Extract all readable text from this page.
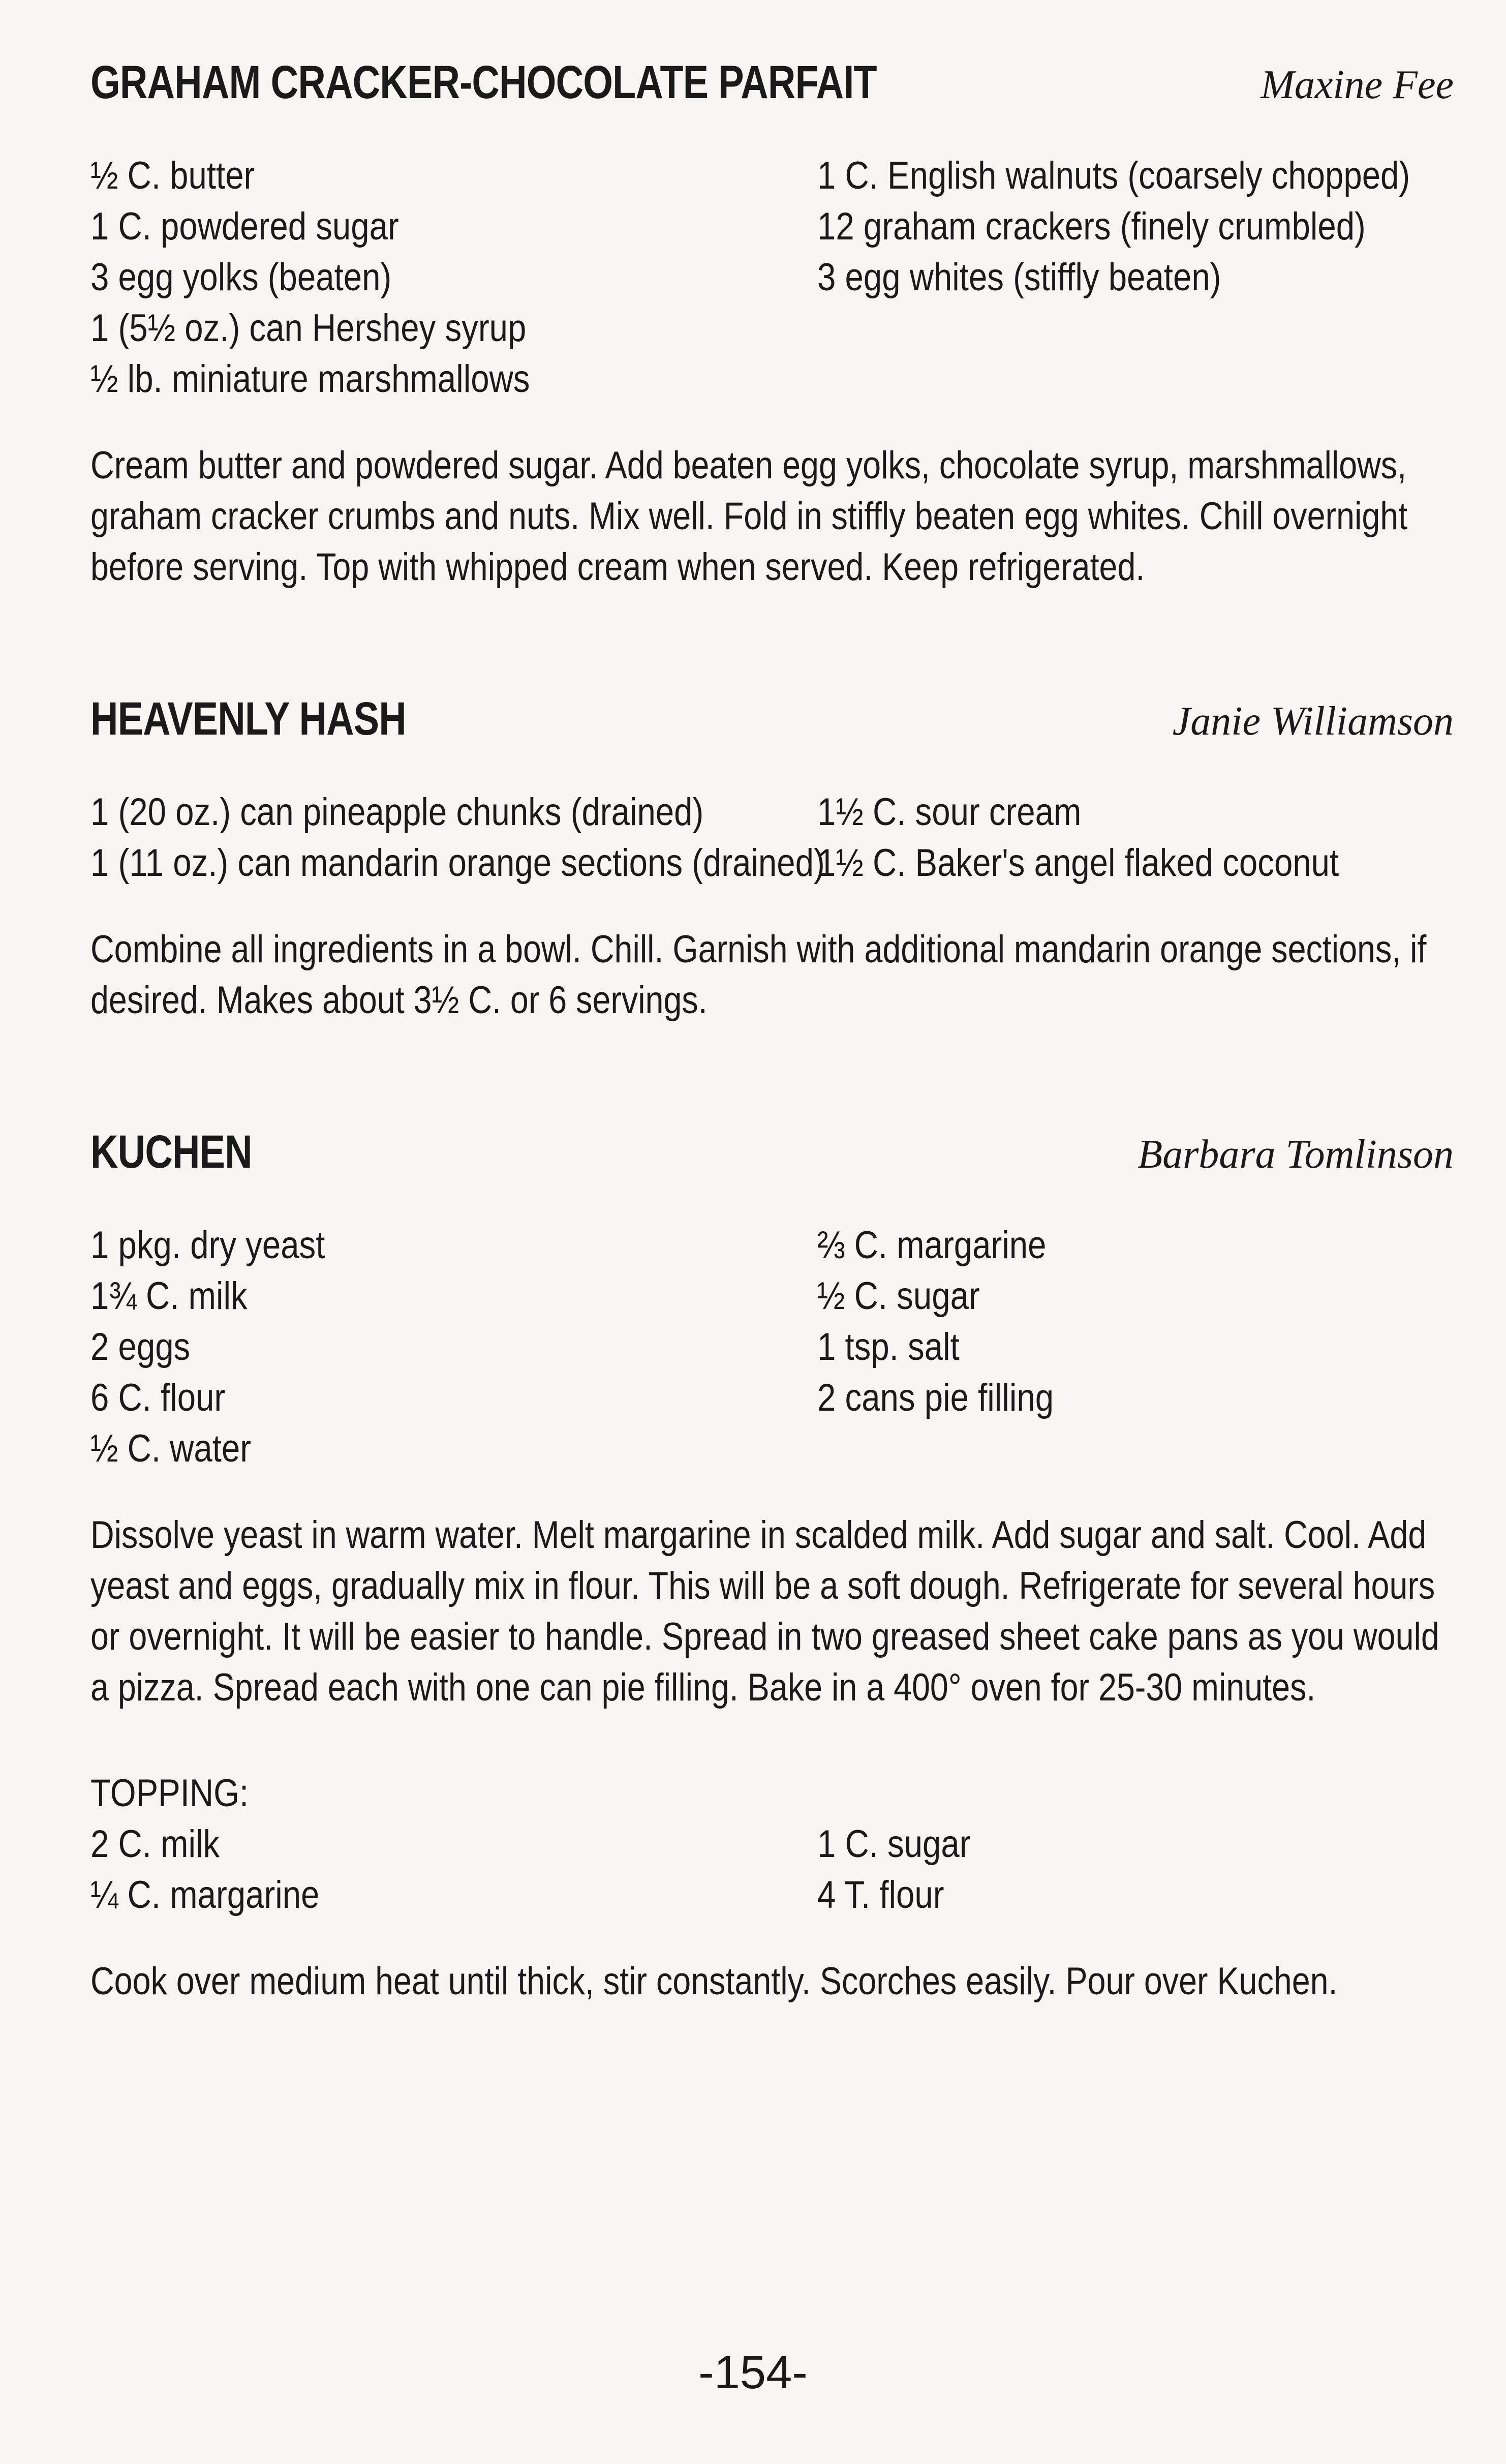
GRAHAM CRACKER-CHOCOLATE PARFAIT	Maxine Fee
½ C. butter
1 C. powdered sugar
3 egg yolks (beaten)
1 (5½ oz.) can Hershey syrup
½ lb. miniature marshmallows
1 C. English walnuts (coarsely chopped)
12 graham crackers (finely crumbled)
3 egg whites (stiffly beaten)

Cream butter and powdered sugar. Add beaten egg yolks, chocolate syrup, marshmallows, graham cracker crumbs and nuts. Mix well. Fold in stiffly beaten egg whites. Chill overnight before serving. Top with whipped cream when served. Keep refrigerated.

HEAVENLY HASH	Janie Williamson
1 (20 oz.) can pineapple chunks (drained)
1 (11 oz.) can mandarin orange sections (drained)
1½ C. sour cream
1½ C. Baker's angel flaked coconut

Combine all ingredients in a bowl. Chill. Garnish with additional mandarin orange sections, if desired. Makes about 3½ C. or 6 servings.

KUCHEN	Barbara Tomlinson
1 pkg. dry yeast
1¾ C. milk
2 eggs
6 C. flour
½ C. water
⅔ C. margarine
½ C. sugar
1 tsp. salt
2 cans pie filling

Dissolve yeast in warm water. Melt margarine in scalded milk. Add sugar and salt. Cool. Add yeast and eggs, gradually mix in flour. This will be a soft dough. Refrigerate for several hours or overnight. It will be easier to handle. Spread in two greased sheet cake pans as you would a pizza. Spread each with one can pie filling. Bake in a 400° oven for 25-30 minutes.

TOPPING:
2 C. milk
¼ C. margarine
1 C. sugar
4 T. flour

Cook over medium heat until thick, stir constantly. Scorches easily. Pour over Kuchen.

-154-
